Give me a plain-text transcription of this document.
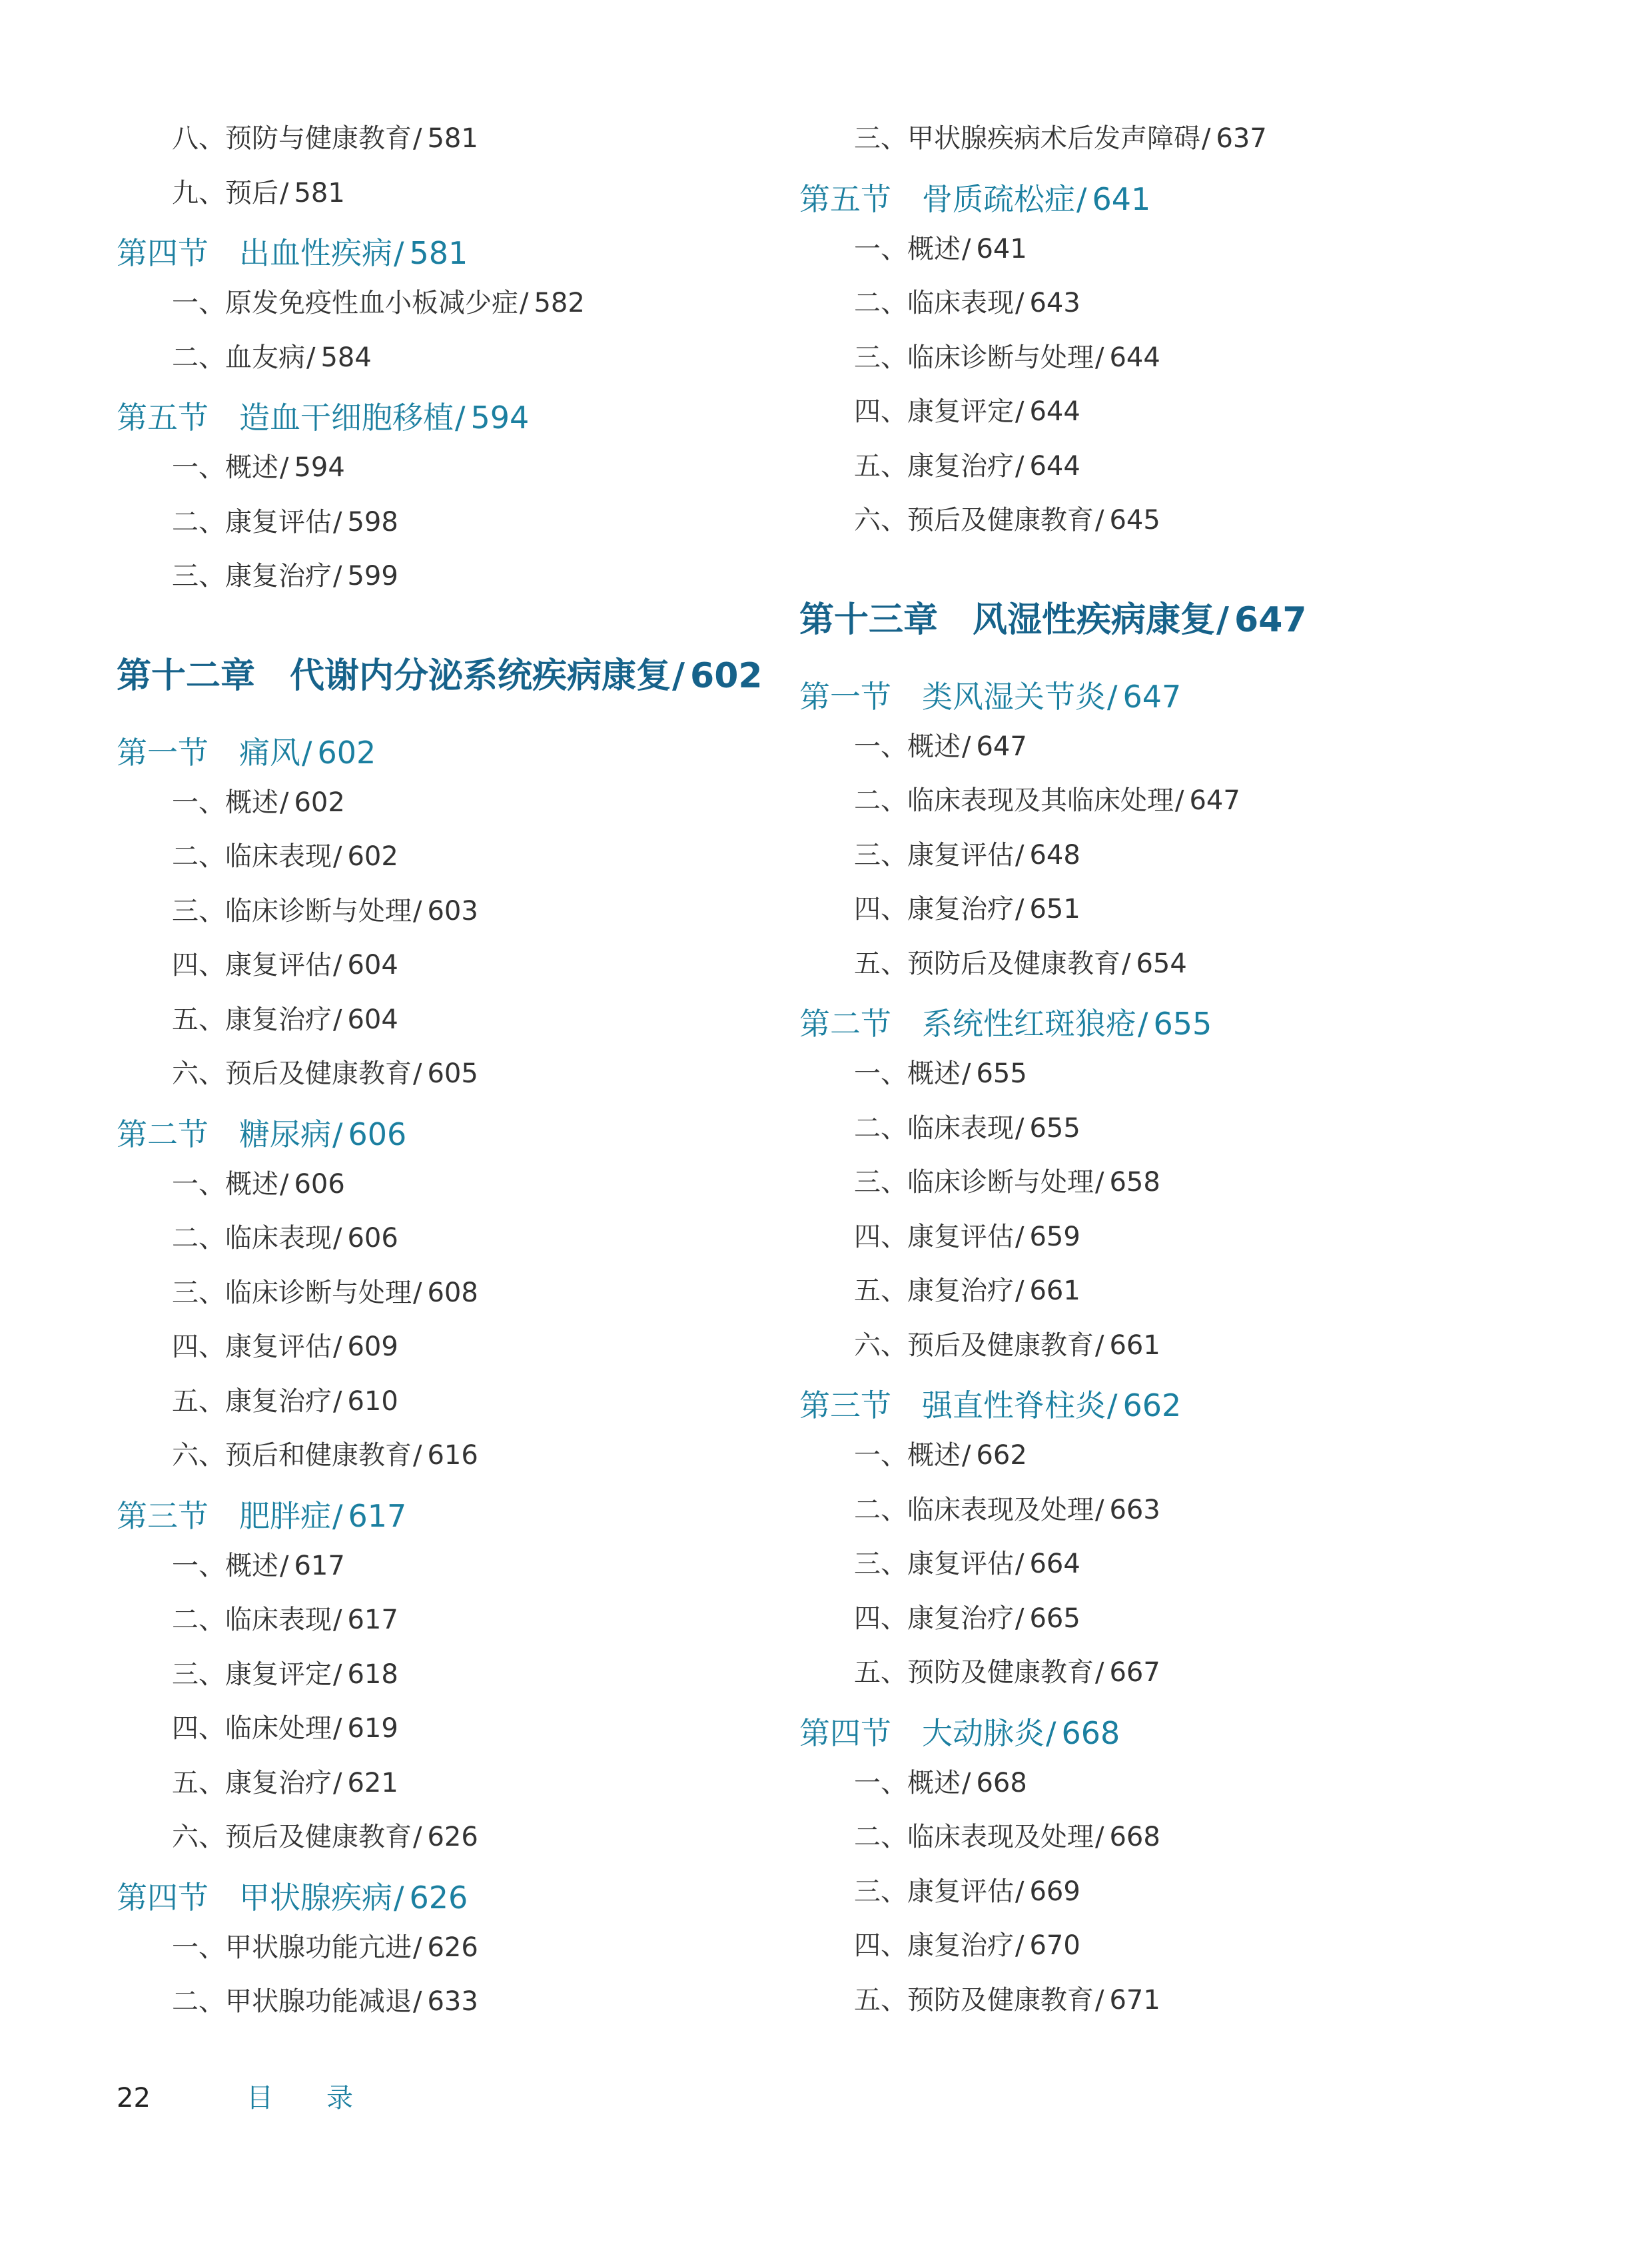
八、预防与健康教育 ∕ 581
九、预后 ∕ 581
第四节 出血性疾病 ∕ 581
一、原发免疫性血小板减少症 ∕ 582
二、血友病 ∕ 584
第五节 造血干细胞移植 ∕ 594
一、概述 ∕ 594
二、康复评估 ∕ 598
三、康复治疗 ∕ 599
第十二章 代谢内分泌系统疾病康复 ∕ 602
第一节 痛风 ∕ 602
一、概述 ∕ 602
二、临床表现 ∕ 602
三、临床诊断与处理 ∕ 603
四、康复评估 ∕ 604
五、康复治疗 ∕ 604
六、预后及健康教育 ∕ 605
第二节 糖尿病 ∕ 606
一、概述 ∕ 606
二、临床表现 ∕ 606
三、临床诊断与处理 ∕ 608
四、康复评估 ∕ 609
五、康复治疗 ∕ 610
六、预后和健康教育 ∕ 616
第三节 肥胖症 ∕ 617
一、概述 ∕ 617
二、临床表现 ∕ 617
三、康复评定 ∕ 618
四、临床处理 ∕ 619
五、康复治疗 ∕ 621
六、预后及健康教育 ∕ 626
第四节 甲状腺疾病 ∕ 626
一、甲状腺功能亢进 ∕ 626
二、甲状腺功能减退 ∕ 633
三、甲状腺疾病术后发声障碍 ∕ 637
第五节 骨质疏松症 ∕ 641
一、概述 ∕ 641
二、临床表现 ∕ 643
三、临床诊断与处理 ∕ 644
四、康复评定 ∕ 644
五、康复治疗 ∕ 644
六、预后及健康教育 ∕ 645
第十三章 风湿性疾病康复 ∕ 647
第一节 类风湿关节炎 ∕ 647
一、概述 ∕ 647
二、临床表现及其临床处理 ∕ 647
三、康复评估 ∕ 648
四、康复治疗 ∕ 651
五、预防后及健康教育 ∕ 654
第二节 系统性红斑狼疮 ∕ 655
一、概述 ∕ 655
二、临床表现 ∕ 655
三、临床诊断与处理 ∕ 658
四、康复评估 ∕ 659
五、康复治疗 ∕ 661
六、预后及健康教育 ∕ 661
第三节 强直性脊柱炎 ∕ 662
一、概述 ∕ 662
二、临床表现及处理 ∕ 663
三、康复评估 ∕ 664
四、康复治疗 ∕ 665
五、预防及健康教育 ∕ 667
第四节 大动脉炎 ∕ 668
一、概述 ∕ 668
二、临床表现及处理 ∕ 668
三、康复评估 ∕ 669
四、康复治疗 ∕ 670
五、预防及健康教育 ∕ 671
22	目录
